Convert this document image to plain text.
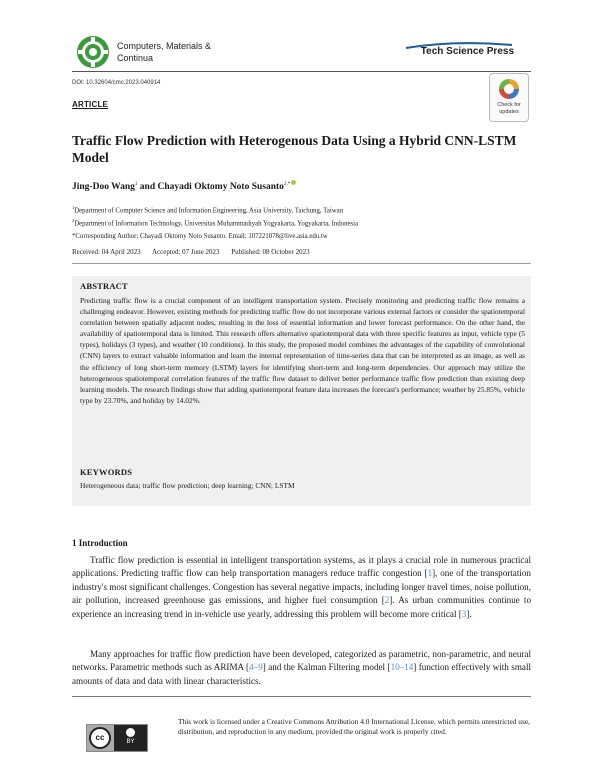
Computers, Materials &
Continua
Tech Science Press
DOI: 10.32604/cmc.2023.040914
ARTICLE	Check for
updates
Traffic Flow Prediction with Heterogenous Data Using a Hybrid CNN-LSTM Model
Jing-Doo Wang$^1$ and Chayadi Oktomy Noto Susanto$^{2,*}$
$^1$Department of Computer Science and Information Engineering, Asia University, Taichung, Taiwan
$^2$Department of Information Technology, Universitas Muhammadiyah Yogyakarta, Yogyakarta, Indonesia
*Corresponding Author: Chayadi Oktomy Noto Susanto. Email: 107221078@live.asia.edu.tw
Received: 04 April 2023 Accepted: 07 June 2023 Published: 08 October 2023
ABSTRACT
Predicting traffic flow is a crucial component of an intelligent transportation system. Precisely monitoring and predicting traffic flow remains a challenging endeavor. However, existing methods for predicting traffic flow do not incorporate various external factors or consider the spatiotemporal correlation between spatially adjacent nodes, resulting in the loss of essential information and lower forecast performance. On the other hand, the availability of spatiotemporal data is limited. This research offers alternative spatiotemporal data with three specific features as input, vehicle type (5 types), holidays (3 types), and weather (10 conditions). In this study, the proposed model combines the advantages of the capability of convolutional (CNN) layers to extract valuable information and learn the internal representation of time-series data that can be interpreted as an image, as well as the efficiency of long short-term memory (LSTM) layers for identifying short-term and long-term dependencies. Our approach may utilize the heterogeneous spatiotemporal correlation features of the traffic flow dataset to deliver better performance traffic flow prediction than existing deep learning models. The research findings show that adding spatiotemporal feature data increases the forecast's performance; weather by 25.85%, vehicle type by 23.70%, and holiday by 14.02%.
KEYWORDS
Heterogeneous data; traffic flow prediction; deep learning; CNN; LSTM
1 Introduction
Traffic flow prediction is essential in intelligent transportation systems, as it plays a crucial role in numerous practical applications. Predicting traffic flow can help transportation managers reduce traffic congestion [1], one of the transportation industry's most significant challenges. Congestion has several negative impacts, including longer travel times, noise pollution, air pollution, increased greenhouse gas emissions, and higher fuel consumption [2]. As urban communities continue to experience an increasing trend in in-vehicle use yearly, addressing this problem will become more critical [3].
Many approaches for traffic flow prediction have been developed, categorized as parametric, non-parametric, and neural networks. Parametric methods such as ARIMA [4–9] and the Kalman Filtering model [10–14] function effectively with small amounts of data and data with linear characteristics.
cc	BY
This work is licensed under a Creative Commons Attribution 4.0 International License, which permits unrestricted use, distribution, and reproduction in any medium, provided the original work is properly cited.
